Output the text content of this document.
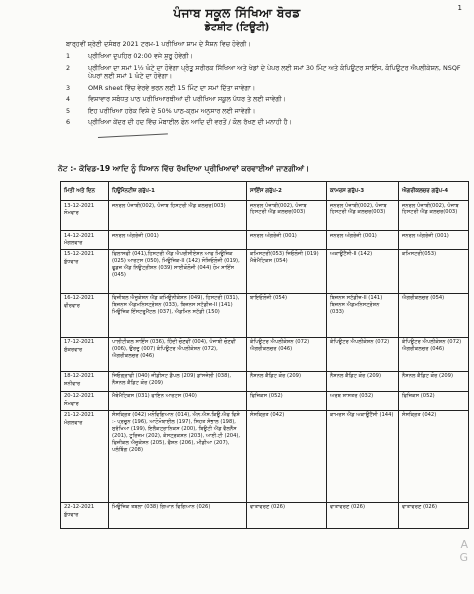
1
ਪੰਜਾਬ ਸਕੂਲ ਸਿੱਖਿਆ ਬੋਰਡ
ਡੇਟਸ਼ੀਟ (ਟਿਊਟੀ)
ਬਾਰ੍ਹਵੀਂ ਸ਼੍ਰੇਣੀ ਦਸੰਬਰ 2021 ਟਰਮ-1 ਪਰੀਖਿਆ ਸ਼ਾਮ ਦੇ ਸੈਸ਼ਨ ਵਿਚ ਹੋਵੇਗੀ।
1	ਪ੍ਰੀਖਿਆ ਦੁਪਹਿਰ 02:00 ਵਜੇ ਸ਼ੁਰੂ ਹੋਵੇਗੀ।
2	ਪ੍ਰੀਖਿਆ ਦਾ ਸਮਾਂ 1½ ਘੰਟੇ ਦਾ ਹੋਵੇਗਾ ਪ੍ਰੰਤੂ ਸਰੀਰਕ ਸਿੱਖਿਆ ਅਤੇ ਖੇਡਾਂ ਦੇ ਪੇਪਰ ਲਈ ਸਮਾਂ 30 ਮਿੰਟ ਅਤੇ ਕੰਪਿਊਟਰ ਸਾਇੰਸ, ਕੰਪਿਊਟਰ ਐਪਲੀਕੇਸ਼ਨ, NSQF ਪੇਪਰਾਂ ਲਈ ਸਮਾਂ 1 ਘੰਟੇ ਦਾ ਹੋਵੇਗਾ।
3	OMR sheet ਵਿੱਚ ਵੇਰਵੇ ਭਰਨ ਲਈ 15 ਮਿੰਟ ਦਾ ਸਮਾਂ ਦਿੱਤਾ ਜਾਵੇਗਾ।
4	ਵਿਸ਼ਾਵਾਰ ਸਬੰਧਤ ਪਾਠ ਪਰੀਖਿਆਰਥੀਆਂ ਦੀ ਪਰੀਖਿਆ ਸਕੂਲ ਪੱਧਰ ਤੇ ਲਈ ਜਾਵੇਗੀ।
5	ਇਹ ਪਰੀਖਿਆ ਹਰੇਕ ਵਿਸ਼ੇ ਦੇ 50% ਪਾਠ-ਕ੍ਰਮ ਅਨੁਸਾਰ ਲਈ ਜਾਵੇਗੀ।
6	ਪ੍ਰੀਖਿਆ ਕੇਂਦਰ ਦੀ ਹਦ ਵਿੱਚ ਮੋਬਾਈਲ ਫੋਨ ਆਦਿ ਦੀ ਵਰਤੋਂ / ਕੋਲ ਰੱਖਣ ਦੀ ਮਨਾਹੀ ਹੈ।
ਨੋਟ :- ਕੋਵਿਡ-19 ਆਦਿ ਨੂੰ ਧਿਆਨ ਵਿੱਚ ਰੱਖਦਿਆ ਪ੍ਰੀਖਿਆਵਾਂ ਕਰਵਾਈਆਂ ਜਾਣਗੀਆਂ।
ਮਿਤੀ ਅਤੇ ਦਿਨ	ਹਿਊਮੈਨਟੀਜ਼ ਗਰੁੱਪ-1	ਸਾਇੰਸ ਗਰੁੱਪ-2	ਕਾਮਰਸ ਗਰੁੱਪ-3	ਐਗਰੀਕਲਚਰ ਗਰੁੱਪ-4

13-12-2021
ਸੋਮਵਾਰ	ਜਨਰਲ ਪੰਜਾਬੀ(002), ਪੰਜਾਬ ਹਿਸਟਰੀ ਐਂਡ ਕਲਚਰ(003)	ਜਨਰਲ ਪੰਜਾਬੀ(002), ਪੰਜਾਬ ਹਿਸਟਰੀ ਐਂਡ ਕਲਚਰ(003)	ਜਨਰਲ ਪੰਜਾਬੀ(002), ਪੰਜਾਬ ਹਿਸਟਰੀ ਐਂਡ ਕਲਚਰ(003)	ਜਨਰਲ ਪੰਜਾਬੀ(002), ਪੰਜਾਬ ਹਿਸਟਰੀ ਐਂਡ ਕਲਚਰ(003)

14-12-2021
ਮੰਗਲਵਾਰ	ਜਨਰਲ ਅੰਗਰੇਜ਼ੀ (001)	ਜਨਰਲ ਅੰਗਰੇਜ਼ੀ (001)	ਜਨਰਲ ਅੰਗਰੇਜ਼ੀ (001)	ਜਨਰਲ ਅੰਗਰੇਜ਼ੀ (001)

15-12-2021
ਬੁੱਧਵਾਰ	ਫਿਲਾਸਫੀ (041),ਹਿਸਟਰੀ ਐਂਡ ਐਪਰੀਸੀਏਸ਼ਨ ਆਫ ਮਿਊਜ਼ਿਕ (025) ਆਰਟਸ (050), ਮਿਊਜ਼ਿਕ-II (142) ਸੋਸ਼ਿਓਲੋਜੀ (019), ਫੂਡਜ਼ ਐਂਡ ਨਿਊਟ੍ਰੀਸ਼ਨ (039) ਸਾਈਕੋਲੋਜੀ (044) ਹੋਮ ਸਾਇੰਸ (045)	ਕਮਿਸਟਰੀ(053) ਜਿਓਲੋਜੀ (019) ਮੈਥੇਮੈਟਿਕਸ (054)	ਅਕਾਊਂਟੈਂਸੀ-II (142)	ਕਮਿਸਟਰੀ(053)

16-12-2021
ਵੀਰਵਾਰ	ਵਿਜ਼ੀਬਲ ਐਜੂਕੇਸ਼ਨ ਐਂਡ ਕਮਿਊਨੀਕੇਸ਼ਨ (049), ਹਿਸਟਰੀ (031), ਬਿਜ਼ਨਸ ਐਡਮਨਿਸਟ੍ਰੇਸ਼ਨ (033), ਬਿਜ਼ਨਸ ਸਟੱਡੀਜ਼-II (141) ਮਿਊਜ਼ਿਕ ਇੰਸਟਰੂਮੈਂਟਲ (037), ਐਡਮਿਨ ਸਟੱਡੀ (150)	ਬਾਇਓਲੋਜੀ (054)	ਬਿਜ਼ਨਸ ਸਟੱਡੀਜ਼-II (141) ਬਿਜ਼ਨਸ ਐਡਮਨਿਸਟ੍ਰੇਸ਼ਨ (033)	ਐਗਰੀਕਲਚਰ (054)

17-12-2021
ਸ਼ੁੱਕਰਵਾਰ	ਪਾਲੀਟੀਕਲ ਸਾਇੰਸ (036), ਹਿੰਦੀ ਚੋਣਵੀਂ (004), ਪੰਜਾਬੀ ਚੋਣਵੀਂ (006), ਉਰਦੂ (007) ਕੰਪਿਊਟਰ ਐਪਲੀਕੇਸ਼ਨ (072), ਐਗਰੀਕਲਚਰ (046)	ਕੰਪਿਊਟਰ ਐਪਲੀਕੇਸ਼ਨ (072) ਐਗਰੀਕਲਚਰ (046)	ਕੰਪਿਊਟਰ ਐਪਲੀਕੇਸ਼ਨ (072)	ਕੰਪਿਊਟਰ ਐਪਲੀਕੇਸ਼ਨ (072) ਐਗਰੀਕਲਚਰ (046)

18-12-2021
ਸ਼ਨੀਵਾਰ	ਜਿਓਗ੍ਰਾਫੀ (040) ਜੀਡੀਸਟ ਡੈਪਲ (209) ਡਾਂਸਜੇਲੀ (038), ਨੈਸ਼ਨਲ ਕੈਡਿਟ ਕੋਰ (209)	ਨੈਸ਼ਨਲ ਕੈਡਿਟ ਕੋਰ (209)	ਨੈਸ਼ਨਲ ਕੈਡਿਟ ਕੋਰ (209)	ਨੈਸ਼ਨਲ ਕੈਡਿਟ ਕੋਰ (209)

20-12-2021
ਸੋਮਵਾਰ	ਮੈਥੇਮੈਟਿਕਸ (031) ਫਾਇਨ ਆਰਟਸ (040)	ਫਿਜ਼ਿਕਸ (052)	ਅਰਥ ਸ਼ਾਸਤਰ (032)	ਫਿਜ਼ਿਕਸ (052)

21-12-2021
ਮੰਗਲਵਾਰ	ਸੰਸਕ੍ਰਿਤ (042) ਮਨੋਵਿਗਿਆਨ (014), ਐਨ.ਐਸ.ਕਿਊ.ਐਫ ਵਿਸ਼ੇ :- ਪ੍ਰਚੂਨ (196), ਆਟੋਮੋਬਾਈਲ (197), ਸਿਹਤ ਸੰਭਾਲ (198), ਸੁਰੱਖਿਆ (199), ਇਲੈਕਟ੍ਰਾਨਿਕਸ (200), ਬਿਊਟੀ ਐਂਡ ਵੈਲਨੈੱਸ (201), ਟੂਰਿਜ਼ਮ (202), ਕੰਸਟ੍ਰਕਸ਼ਨ (203), ਆਈ.ਟੀ (204), ਫਿਜ਼ੀਕਲ ਐਜੂਕੇਸ਼ਨ (205), ਫੈਸ਼ਨ (206), ਮੀਡੀਆ (207), ਪਲੰਬਿੰਗ (208)	ਸੰਸਕ੍ਰਿਤ (042)	ਕਾਮਰਸ ਐਂਡ ਅਕਾਊਂਟੈਂਸੀ (144)	ਸੰਸਕ੍ਰਿਤ (042)

22-12-2021
ਬੁੱਧਵਾਰ	ਮਿਊਜ਼ਿਕ ਤਬਲਾ (038) ਗਿਆਨ ਵਿਗਿਆਨ (026)	ਵਾਤਾਵਰਣ (026)	ਵਾਤਾਵਰਣ (026)	ਵਾਤਾਵਰਣ (026)
A
G
